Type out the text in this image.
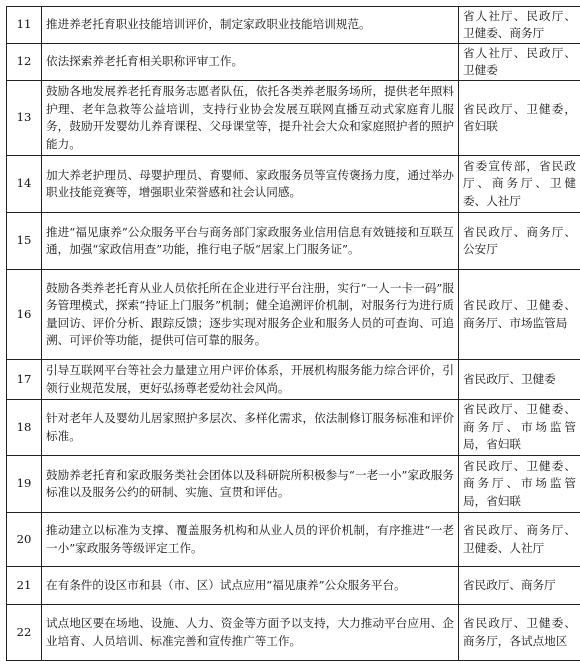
11	推进养老托育职业技能培训评价，制定家政职业技能培训规范。	省人社厅、民政厅、卫健委、商务厅
12	依法探索养老托育相关职称评审工作。	省人社厅、民政厅、卫健委
13	鼓励各地发展养老托育服务志愿者队伍，依托各类养老服务场所，提供老年照料护理、老年急救等公益培训，支持行业协会发展互联网直播互动式家庭育儿服务，鼓励开发婴幼儿养育课程、父母课堂等，提升社会大众和家庭照护者的照护能力。	省民政厅、卫健委，省妇联
14	加大养老护理员、母婴护理员、育婴师、家政服务员等宣传褒扬力度，通过举办职业技能竞赛等，增强职业荣誉感和社会认同感。	省委宣传部，省民政厅、商务厅、卫健委、人社厅
15	推进“福见康养”公众服务平台与商务部门家政服务业信用信息有效链接和互联互通，加强“家政信用查”功能，推行电子版“居家上门服务证”。	省民政厅、商务厅、公安厅
16	鼓励各类养老托育从业人员依托所在企业进行平台注册，实行“一人一卡一码”服务管理模式，探索“持证上门服务”机制；健全追溯评价机制，对服务行为进行质量回访、评价分析、跟踪反馈；逐步实现对服务企业和服务人员的可查询、可追溯、可评价等功能，提供可信可靠的服务。	省民政厅、卫健委、商务厅、市场监管局
17	引导互联网平台等社会力量建立用户评价体系，开展机构服务能力综合评价，引领行业规范发展，更好弘扬尊老爱幼社会风尚。	省民政厅、卫健委
18	针对老年人及婴幼儿居家照护多层次、多样化需求，依法制修订服务标准和评价标准。	省民政厅、卫健委、商务厅、市场监管局，省妇联
19	鼓励养老托育和家政服务类社会团体以及科研院所积极参与“一老一小”家政服务标准以及服务公约的研制、实施、宣贯和评估。	省民政厅、卫健委、商务厅、市场监管局，省妇联
20	推动建立以标准为支撑、覆盖服务机构和从业人员的评价机制，有序推进“一老一小”家政服务等级评定工作。	省民政厅、商务厅、卫健委、人社厅
21	在有条件的设区市和县（市、区）试点应用“福见康养”公众服务平台。	省民政厅、商务厅
22	试点地区要在场地、设施、人力、资金等方面予以支持，大力推动平台应用、企业培育、人员培训、标准完善和宣传推广等工作。	省民政厅、卫健委、商务厅，各试点地区
